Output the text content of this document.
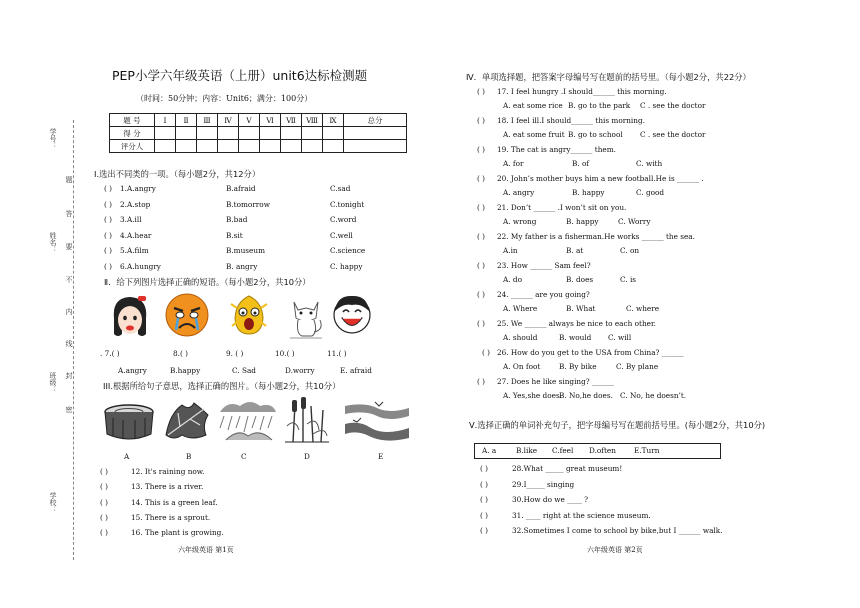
学号：
姓名：
班级：
学校：
题
答
要
不
内
线
封
密
PEP小学六年级英语（上册）unit6达标检测题
（时间：50分钟；内容：Unit6；满分：100分）
题 号	Ⅰ	Ⅱ	Ⅲ	Ⅳ	Ⅴ	Ⅵ	Ⅶ	Ⅷ	Ⅸ	总分
得 分										
评分人										
Ⅰ.选出不同类的一项。（每小题2分，共12分）
( ) 1.A.angry	B.afraid	C.sad
( ) 2.A.stop	B.tomorrow	C.tonight
( ) 3.A.ill	B.bad	C.word
( ) 4.A.hear	B.sit	C.well
( ) 5.A.film	B.museum	C.science
( ) 6.A.hungry	B. angry	C. happy
Ⅱ．给下列图片选择正确的短语。（每小题2分，共10分）
. 7.( )	8.( )	9. ( )	10.( )	11.( )
A.angry	B.happy	C. Sad	D.worry	E. afraid
III.根据所给句子意思，选择正确的图片。（每小题2分，共10分）
A	B	C	D	E
( )	12. It's raining now.
( )	13. There is a river.
( )	14. This is a green leaf.
( )	15. There is a sprout.
( )	16. The plant is growing.
六年级英语 第1页
Ⅳ．单项选择题，把答案字母编号写在题前的括号里。（每小题2分，共22分）
( ) 17. I feel hungry .I should______ this morning.
A. eat some rice B. go to the park C . see the doctor
( ) 18. I feel ill.I should______ this morning.
A. eat some fruit B. go to school C . see the doctor
( ) 19. The cat is angry______ them.
A. for	B. of	C. with
( ) 20. John’s mother buys him a new football.He is ______ .
A. angry	B. happy	C. good
( ) 21. Don’t ______ .I won’t sit on you.
A. wrong	B. happy	C. Worry
( ) 22. My father is a fisherman.He works ______ the sea.
A.in	B. at	C. on
( ) 23. How ______ Sam feel?
A. do	B. does	C. is
( ) 24. ______ are you going?
A. Where	B. What	C. where
( ) 25. We ______ always be nice to each other.
A. should	B. would C. will
( ) 26. How do you get to the USA from China? ______
A. On foot	B. By bike	C. By plane
( ) 27. Does he like singing? ______
A. Yes,she does.
B. No,he does. C. No, he doesn’t.
Ⅴ.选择正确的单词补充句子，把字母编号写在题前括号里。(每小题2分，共10分)
A. a	B.like C.feel D.often E.Turn
( )	28.What _____ great museum!
( )	29.I_____ singing
( )	30.How do we ____ ?
( )	31. ____ right at the science museum.
( )	32.Sometimes I come to school by bike,but I ______ walk.
六年级英语 第2页
